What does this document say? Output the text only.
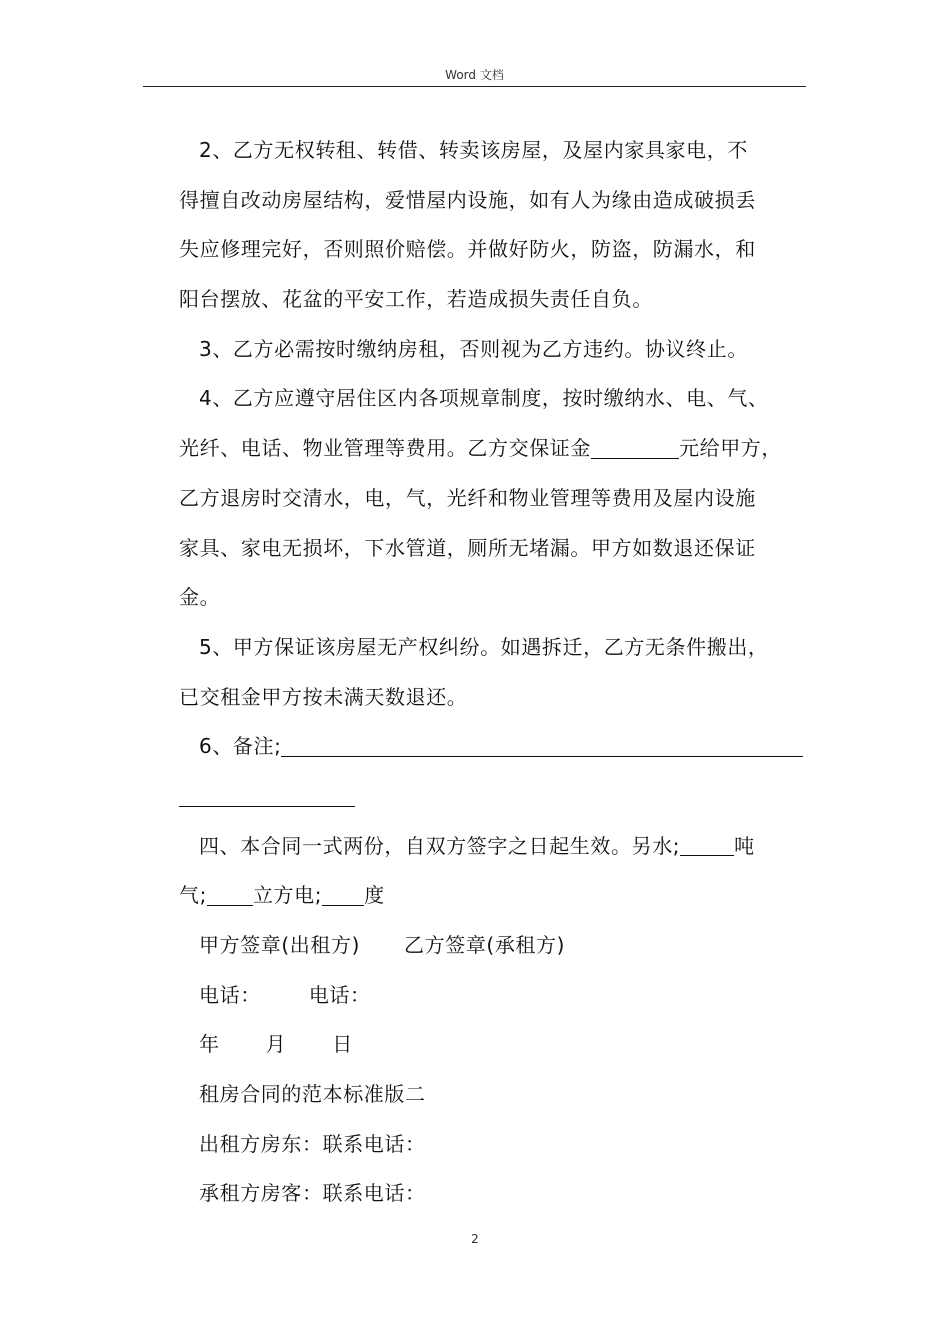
Word 文档
2、乙方无权转租、转借、转卖该房屋，及屋内家具家电，不
得擅自改动房屋结构，爱惜屋内设施，如有人为缘由造成破损丢
失应修理完好，否则照价赔偿。并做好防火，防盗，防漏水，和
阳台摆放、花盆的平安工作，若造成损失责任自负。
3、乙方必需按时缴纳房租，否则视为乙方违约。协议终止。
4、乙方应遵守居住区内各项规章制度，按时缴纳水、电、气、
光纤、电话、物业管理等费用。乙方交保证金	元给甲方，
乙方退房时交清水，电，气，光纤和物业管理等费用及屋内设施
家具、家电无损坏，下水管道，厕所无堵漏。甲方如数退还保证
金。
5、甲方保证该房屋无产权纠纷。如遇拆迁，乙方无条件搬出，
已交租金甲方按未满天数退还。
6、备注;
四、本合同一式两份，自双方签字之日起生效。另水;	吨
气; 立方电; 度
甲方签章(出租方) 乙方签章(承租方)
电话： 电话：
年 月 日
租房合同的范本标准版二
出租方房东：联系电话：
承租方房客：联系电话：
2
